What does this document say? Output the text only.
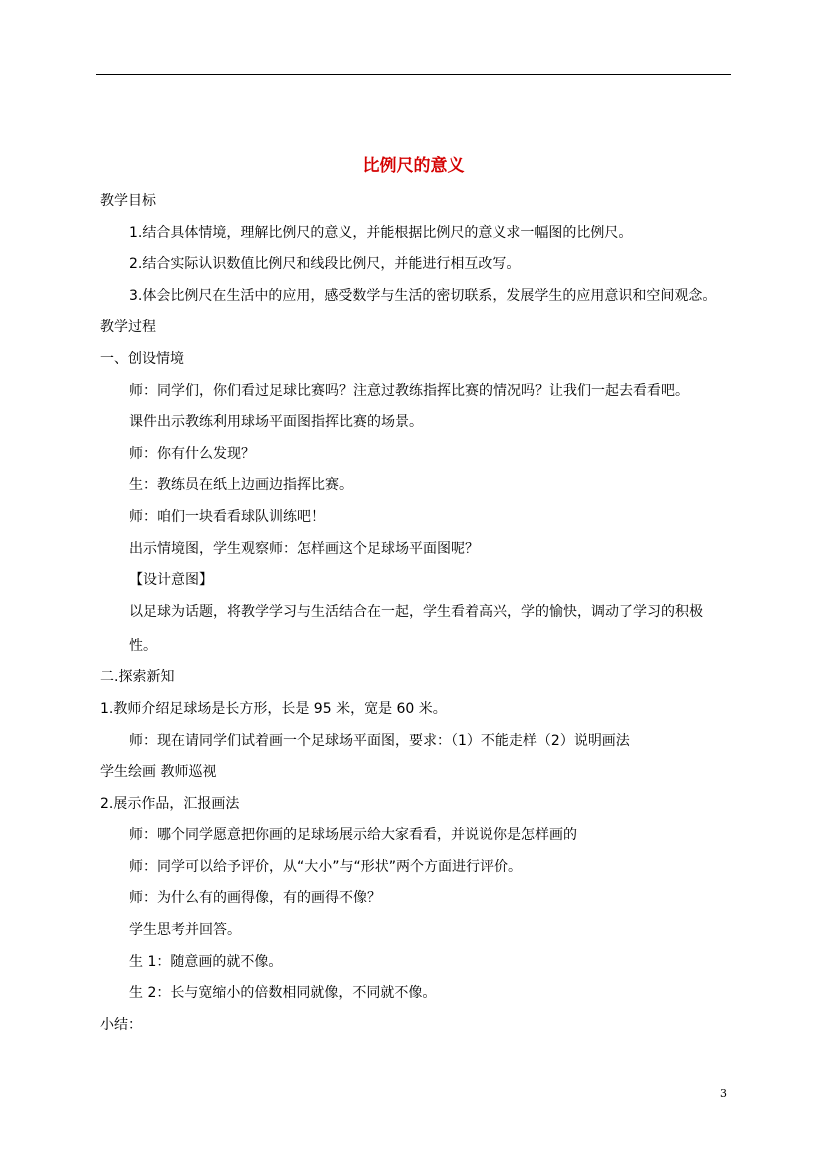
比例尺的意义
教学目标
1.结合具体情境，理解比例尺的意义，并能根据比例尺的意义求一幅图的比例尺。
2.结合实际认识数值比例尺和线段比例尺，并能进行相互改写。
3.体会比例尺在生活中的应用，感受数学与生活的密切联系，发展学生的应用意识和空间观念。
教学过程
一、创设情境
师：同学们，你们看过足球比赛吗？注意过教练指挥比赛的情况吗？让我们一起去看看吧。
课件出示教练利用球场平面图指挥比赛的场景。
师：你有什么发现？
生：教练员在纸上边画边指挥比赛。
师：咱们一块看看球队训练吧！
出示情境图，学生观察师：怎样画这个足球场平面图呢？
【设计意图】
以足球为话题，将教学学习与生活结合在一起，学生看着高兴，学的愉快，调动了学习的积极性。
二.探索新知
1.教师介绍足球场是长方形，长是 95 米，宽是 60 米。
师：现在请同学们试着画一个足球场平面图，要求：（1）不能走样（2）说明画法
学生绘画 教师巡视
2.展示作品，汇报画法
师：哪个同学愿意把你画的足球场展示给大家看看，并说说你是怎样画的
师：同学可以给予评价，从“大小”与“形状”两个方面进行评价。
师：为什么有的画得像，有的画得不像？
学生思考并回答。
生 1：随意画的就不像。
生 2：长与宽缩小的倍数相同就像，不同就不像。
小结：
3
